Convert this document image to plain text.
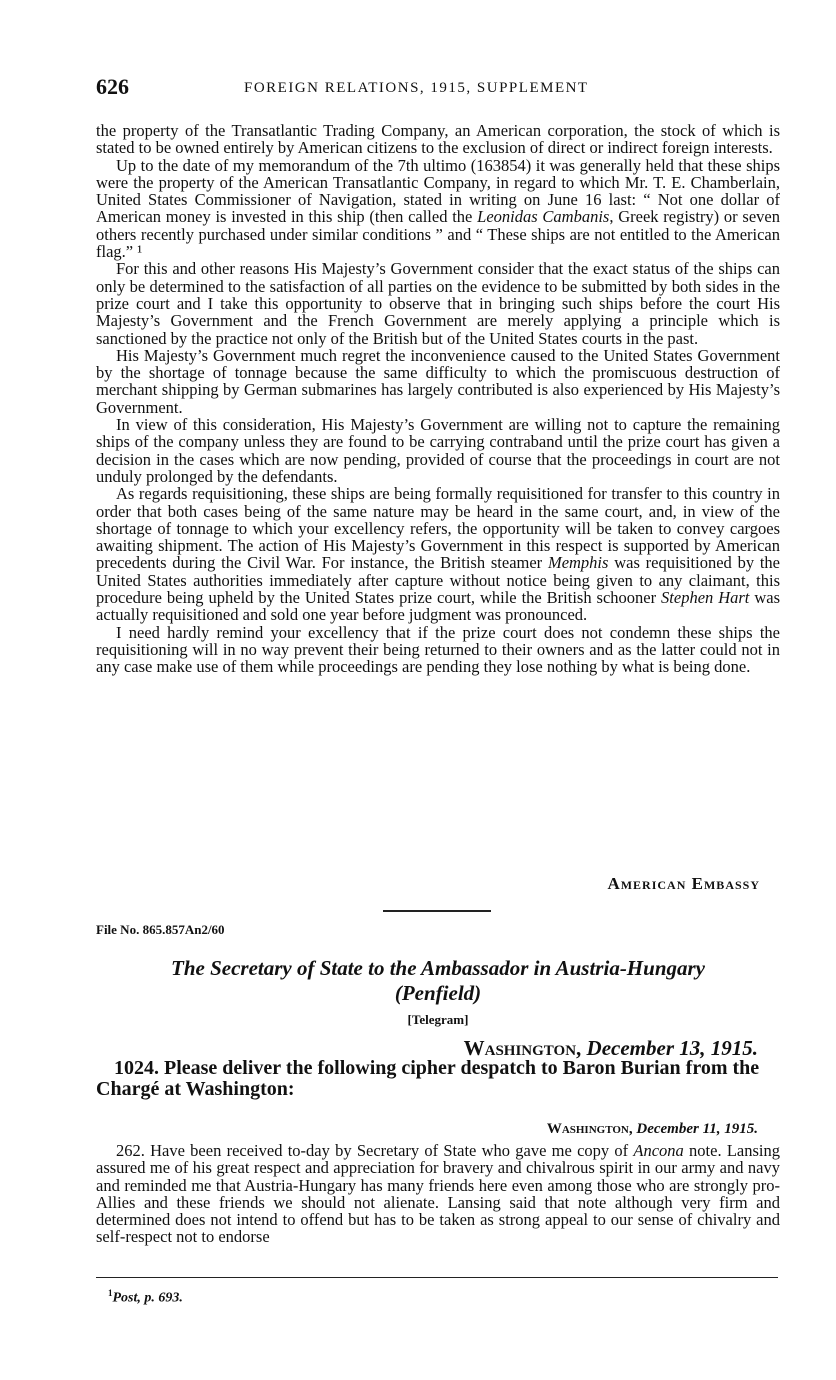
626	FOREIGN RELATIONS, 1915, SUPPLEMENT

the property of the Transatlantic Trading Company, an American corporation, the stock of which is stated to be owned entirely by American citizens to the exclusion of direct or indirect foreign interests.

Up to the date of my memorandum of the 7th ultimo (163854) it was generally held that these ships were the property of the American Transatlantic Company, in regard to which Mr. T. E. Chamberlain, United States Commissioner of Navigation, stated in writing on June 16 last: “ Not one dollar of American money is invested in this ship (then called the Leonidas Cambanis, Greek registry) or seven others recently purchased under similar conditions ” and “ These ships are not entitled to the American flag.” ¹

For this and other reasons His Majesty’s Government consider that the exact status of the ships can only be determined to the satisfaction of all parties on the evidence to be submitted by both sides in the prize court and I take this opportunity to observe that in bringing such ships before the court His Majesty’s Government and the French Government are merely applying a principle which is sanctioned by the practice not only of the British but of the United States courts in the past.

His Majesty’s Government much regret the inconvenience caused to the United States Government by the shortage of tonnage because the same difficulty to which the promiscuous destruction of merchant shipping by German submarines has largely contributed is also experienced by His Majesty’s Government.

In view of this consideration, His Majesty’s Government are willing not to capture the remaining ships of the company unless they are found to be carrying contraband until the prize court has given a decision in the cases which are now pending, provided of course that the proceedings in court are not unduly prolonged by the defendants.

As regards requisitioning, these ships are being formally requisitioned for transfer to this country in order that both cases being of the same nature may be heard in the same court, and, in view of the shortage of tonnage to which your excellency refers, the opportunity will be taken to convey cargoes awaiting shipment. The action of His Majesty’s Government in this respect is supported by American precedents during the Civil War. For instance, the British steamer Memphis was requisitioned by the United States authorities immediately after capture without notice being given to any claimant, this procedure being upheld by the United States prize court, while the British schooner Stephen Hart was actually requisitioned and sold one year before judgment was pronounced.

I need hardly remind your excellency that if the prize court does not condemn these ships the requisitioning will in no way prevent their being returned to their owners and as the latter could not in any case make use of them while proceedings are pending they lose nothing by what is being done.

American Embassy
File No. 865.857An2/60
The Secretary of State to the Ambassador in Austria-Hungary
(Penfield)
[Telegram]
Washington, December 13, 1915.
1024. Please deliver the following cipher despatch to Baron Burian from the Chargé at Washington:
Washington, December 11, 1915.

262. Have been received to-day by Secretary of State who gave me copy of Ancona note. Lansing assured me of his great respect and appreciation for bravery and chivalrous spirit in our army and navy and reminded me that Austria-Hungary has many friends here even among those who are strongly pro-Allies and these friends we should not alienate. Lansing said that note although very firm and determined does not intend to offend but has to be taken as strong appeal to our sense of chivalry and self-respect not to endorse

$^1$Post, p. 693.
